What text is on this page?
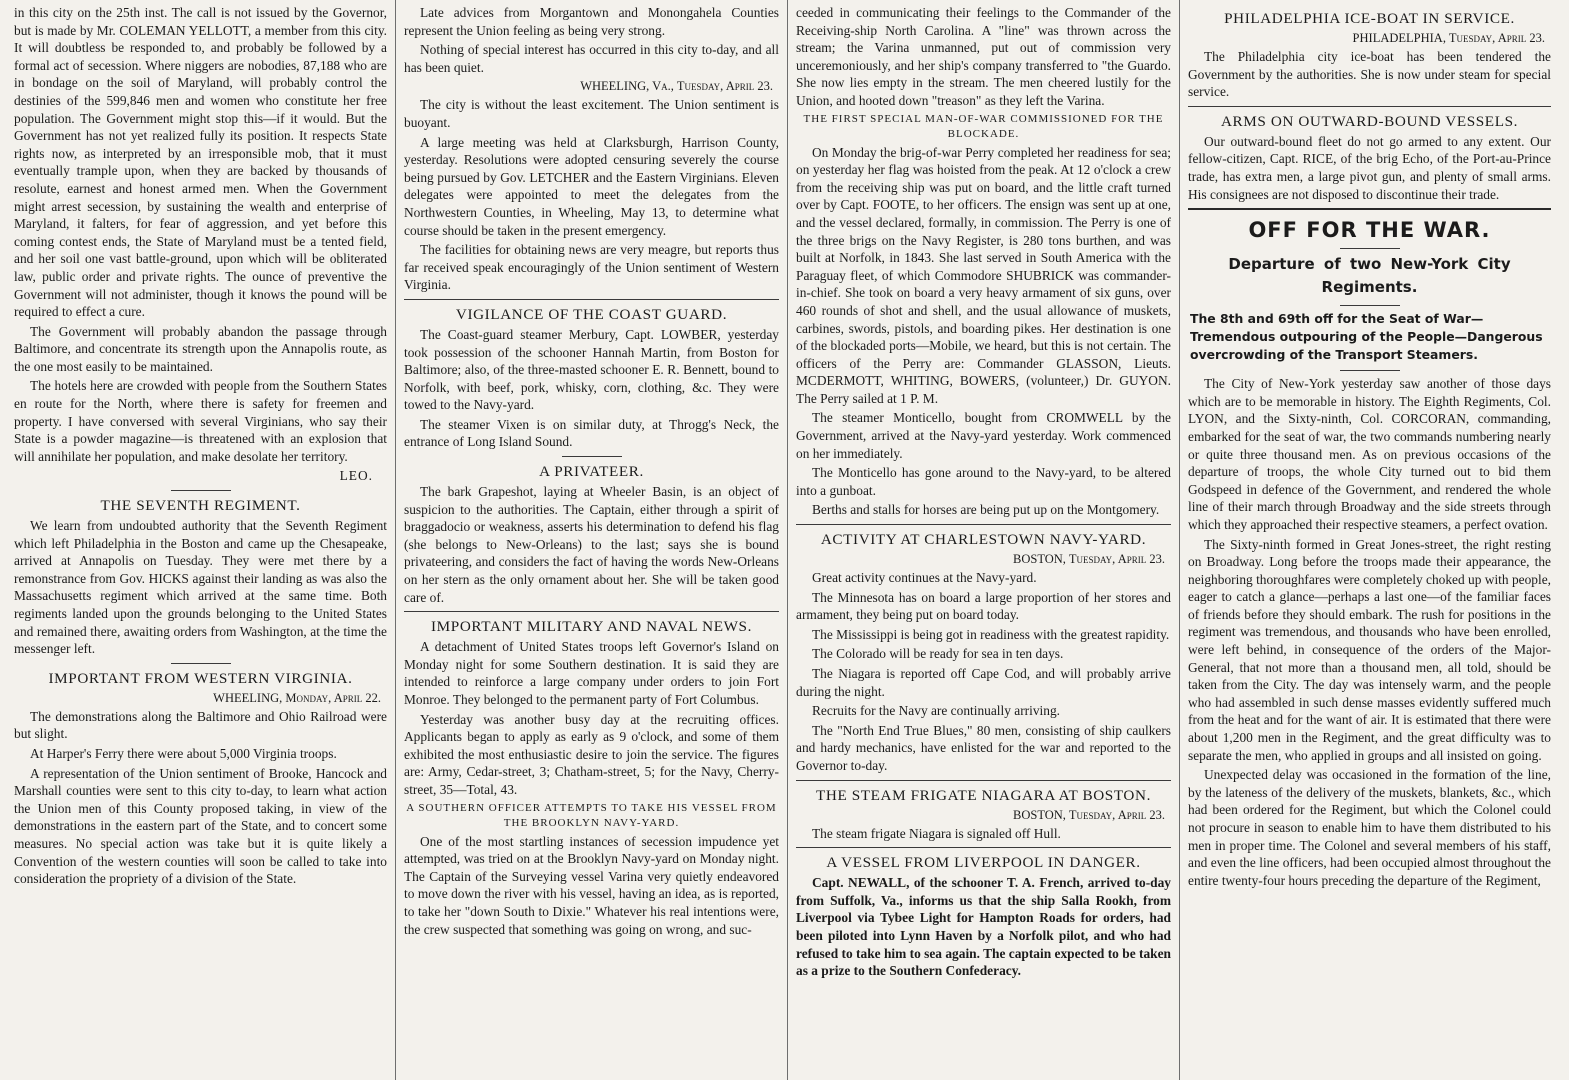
in this city on the 25th inst. The call is not issued by the Governor, but is made by Mr. COLEMAN YELLOTT, a member from this city. It will doubtless be responded to, and probably be followed by a formal act of secession. Where niggers are nobodies, 87,188 who are in bondage on the soil of Maryland, will probably control the destinies of the 599,846 men and women who constitute her free population. The Government might stop this—if it would. But the Government has not yet realized fully its position. It respects State rights now, as interpreted by an irresponsible mob, that it must eventually trample upon, when they are backed by thousands of resolute, earnest and honest armed men. When the Government might arrest secession, by sustaining the wealth and enterprise of Maryland, it falters, for fear of aggression, and yet before this coming contest ends, the State of Maryland must be a tented field, and her soil one vast battle-ground, upon which will be obliterated law, public order and private rights. The ounce of preventive the Government will not administer, though it knows the pound will be required to effect a cure.

The Government will probably abandon the passage through Baltimore, and concentrate its strength upon the Annapolis route, as the one most easily to be maintained.

The hotels here are crowded with people from the Southern States en route for the North, where there is safety for freemen and property. I have conversed with several Virginians, who say their State is a powder magazine—is threatened with an explosion that will annihilate her population, and make desolate her territory.

LEO.

THE SEVENTH REGIMENT.

We learn from undoubted authority that the Seventh Regiment which left Philadelphia in the Boston and came up the Chesapeake, arrived at Annapolis on Tuesday. They were met there by a remonstrance from Gov. HICKS against their landing as was also the Massachusetts regiment which arrived at the same time. Both regiments landed upon the grounds belonging to the United States and remained there, awaiting orders from Washington, at the time the messenger left.

IMPORTANT FROM WESTERN VIRGINIA.
WHEELING, Monday, April 22.

The demonstrations along the Baltimore and Ohio Railroad were but slight.

At Harper's Ferry there were about 5,000 Virginia troops.

A representation of the Union sentiment of Brooke, Hancock and Marshall counties were sent to this city to-day, to learn what action the Union men of this County proposed taking, in view of the demonstrations in the eastern part of the State, and to concert some measures. No special action was take but it is quite likely a Convention of the western counties will soon be called to take into consideration the propriety of a division of the State.

Late advices from Morgantown and Monongahela Counties represent the Union feeling as being very strong.

Nothing of special interest has occurred in this city to-day, and all has been quiet.

WHEELING, Va., Tuesday, April 23.

The city is without the least excitement. The Union sentiment is buoyant.

A large meeting was held at Clarksburgh, Harrison County, yesterday. Resolutions were adopted censuring severely the course being pursued by Gov. LETCHER and the Eastern Virginians. Eleven delegates were appointed to meet the delegates from the Northwestern Counties, in Wheeling, May 13, to determine what course should be taken in the present emergency.

The facilities for obtaining news are very meagre, but reports thus far received speak encouragingly of the Union sentiment of Western Virginia.

VIGILANCE OF THE COAST GUARD.

The Coast-guard steamer Merbury, Capt. LOWBER, yesterday took possession of the schooner Hannah Martin, from Boston for Baltimore; also, of the three-masted schooner E. R. Bennett, bound to Norfolk, with beef, pork, whisky, corn, clothing, &c. They were towed to the Navy-yard.

The steamer Vixen is on similar duty, at Throgg's Neck, the entrance of Long Island Sound.

A PRIVATEER.

The bark Grapeshot, laying at Wheeler Basin, is an object of suspicion to the authorities. The Captain, either through a spirit of braggadocio or weakness, asserts his determination to defend his flag (she belongs to New-Orleans) to the last; says she is bound privateering, and considers the fact of having the words New-Orleans on her stern as the only ornament about her. She will be taken good care of.

IMPORTANT MILITARY AND NAVAL NEWS.

A detachment of United States troops left Governor's Island on Monday night for some Southern destination. It is said they are intended to reinforce a large company under orders to join Fort Monroe. They belonged to the permanent party of Fort Columbus.

Yesterday was another busy day at the recruiting offices. Applicants began to apply as early as 9 o'clock, and some of them exhibited the most enthusiastic desire to join the service. The figures are: Army, Cedar-street, 3; Chatham-street, 5; for the Navy, Cherry-street, 35—Total, 43.

A SOUTHERN OFFICER ATTEMPTS TO TAKE HIS VESSEL FROM THE BROOKLYN NAVY-YARD.

One of the most startling instances of secession impudence yet attempted, was tried on at the Brooklyn Navy-yard on Monday night. The Captain of the Surveying vessel Varina very quietly endeavored to move down the river with his vessel, having an idea, as is reported, to take her "down South to Dixie." Whatever his real intentions were, the crew suspected that something was going on wrong, and suc-

ceeded in communicating their feelings to the Commander of the Receiving-ship North Carolina. A "line" was thrown across the stream; the Varina unmanned, put out of commission very unceremoniously, and her ship's company transferred to "the Guardo. She now lies empty in the stream. The men cheered lustily for the Union, and hooted down "treason" as they left the Varina.

THE FIRST SPECIAL MAN-OF-WAR COMMISSIONED FOR THE BLOCKADE.

On Monday the brig-of-war Perry completed her readiness for sea; on yesterday her flag was hoisted from the peak. At 12 o'clock a crew from the receiving ship was put on board, and the little craft turned over by Capt. FOOTE, to her officers. The ensign was sent up at one, and the vessel declared, formally, in commission. The Perry is one of the three brigs on the Navy Register, is 280 tons burthen, and was built at Norfolk, in 1843. She last served in South America with the Paraguay fleet, of which Commodore SHUBRICK was commander-in-chief. She took on board a very heavy armament of six guns, over 460 rounds of shot and shell, and the usual allowance of muskets, carbines, swords, pistols, and boarding pikes. Her destination is one of the blockaded ports—Mobile, we heard, but this is not certain. The officers of the Perry are: Commander GLASSON, Lieuts. MCDERMOTT, WHITING, BOWERS, (volunteer,) Dr. GUYON. The Perry sailed at 1 P. M.

The steamer Monticello, bought from CROMWELL by the Government, arrived at the Navy-yard yesterday. Work commenced on her immediately.

The Monticello has gone around to the Navy-yard, to be altered into a gunboat.

Berths and stalls for horses are being put up on the Montgomery.

ACTIVITY AT CHARLESTOWN NAVY-YARD.
BOSTON, Tuesday, April 23.

Great activity continues at the Navy-yard.

The Minnesota has on board a large proportion of her stores and armament, they being put on board today.

The Mississippi is being got in readiness with the greatest rapidity.

The Colorado will be ready for sea in ten days.

The Niagara is reported off Cape Cod, and will probably arrive during the night.

Recruits for the Navy are continually arriving.

The "North End True Blues," 80 men, consisting of ship caulkers and hardy mechanics, have enlisted for the war and reported to the Governor to-day.

THE STEAM FRIGATE NIAGARA AT BOSTON.
BOSTON, Tuesday, April 23.

The steam frigate Niagara is signaled off Hull.

A VESSEL FROM LIVERPOOL IN DANGER.

Capt. NEWALL, of the schooner T. A. French, arrived to-day from Suffolk, Va., informs us that the ship Salla Rookh, from Liverpool via Tybee Light for Hampton Roads for orders, had been piloted into Lynn Haven by a Norfolk pilot, and who had refused to take him to sea again. The captain expected to be taken as a prize to the Southern Confederacy.

PHILADELPHIA ICE-BOAT IN SERVICE.
PHILADELPHIA, Tuesday, April 23.

The Philadelphia city ice-boat has been tendered the Government by the authorities. She is now under steam for special service.

ARMS ON OUTWARD-BOUND VESSELS.

Our outward-bound fleet do not go armed to any extent. Our fellow-citizen, Capt. RICE, of the brig Echo, of the Port-au-Prince trade, has extra men, a large pivot gun, and plenty of small arms. His consignees are not disposed to discontinue their trade.

OFF FOR THE WAR.
Departure of two New-York City Regiments.
The 8th and 69th off for the Seat of War—Tremendous outpouring of the People—Dangerous overcrowding of the Transport Steamers.

The City of New-York yesterday saw another of those days which are to be memorable in history. The Eighth Regiments, Col. LYON, and the Sixty-ninth, Col. CORCORAN, commanding, embarked for the seat of war, the two commands numbering nearly or quite three thousand men. As on previous occasions of the departure of troops, the whole City turned out to bid them Godspeed in defence of the Government, and rendered the whole line of their march through Broadway and the side streets through which they approached their respective steamers, a perfect ovation.

The Sixty-ninth formed in Great Jones-street, the right resting on Broadway. Long before the troops made their appearance, the neighboring thoroughfares were completely choked up with people, eager to catch a glance—perhaps a last one—of the familiar faces of friends before they should embark. The rush for positions in the regiment was tremendous, and thousands who have been enrolled, were left behind, in consequence of the orders of the Major-General, that not more than a thousand men, all told, should be taken from the City. The day was intensely warm, and the people who had assembled in such dense masses evidently suffered much from the heat and for the want of air. It is estimated that there were about 1,200 men in the Regiment, and the great difficulty was to separate the men, who applied in groups and all insisted on going.

Unexpected delay was occasioned in the formation of the line, by the lateness of the delivery of the muskets, blankets, &c., which had been ordered for the Regiment, but which the Colonel could not procure in season to enable him to have them distributed to his men in proper time. The Colonel and several members of his staff, and even the line officers, had been occupied almost throughout the entire twenty-four hours preceding the departure of the Regiment,
